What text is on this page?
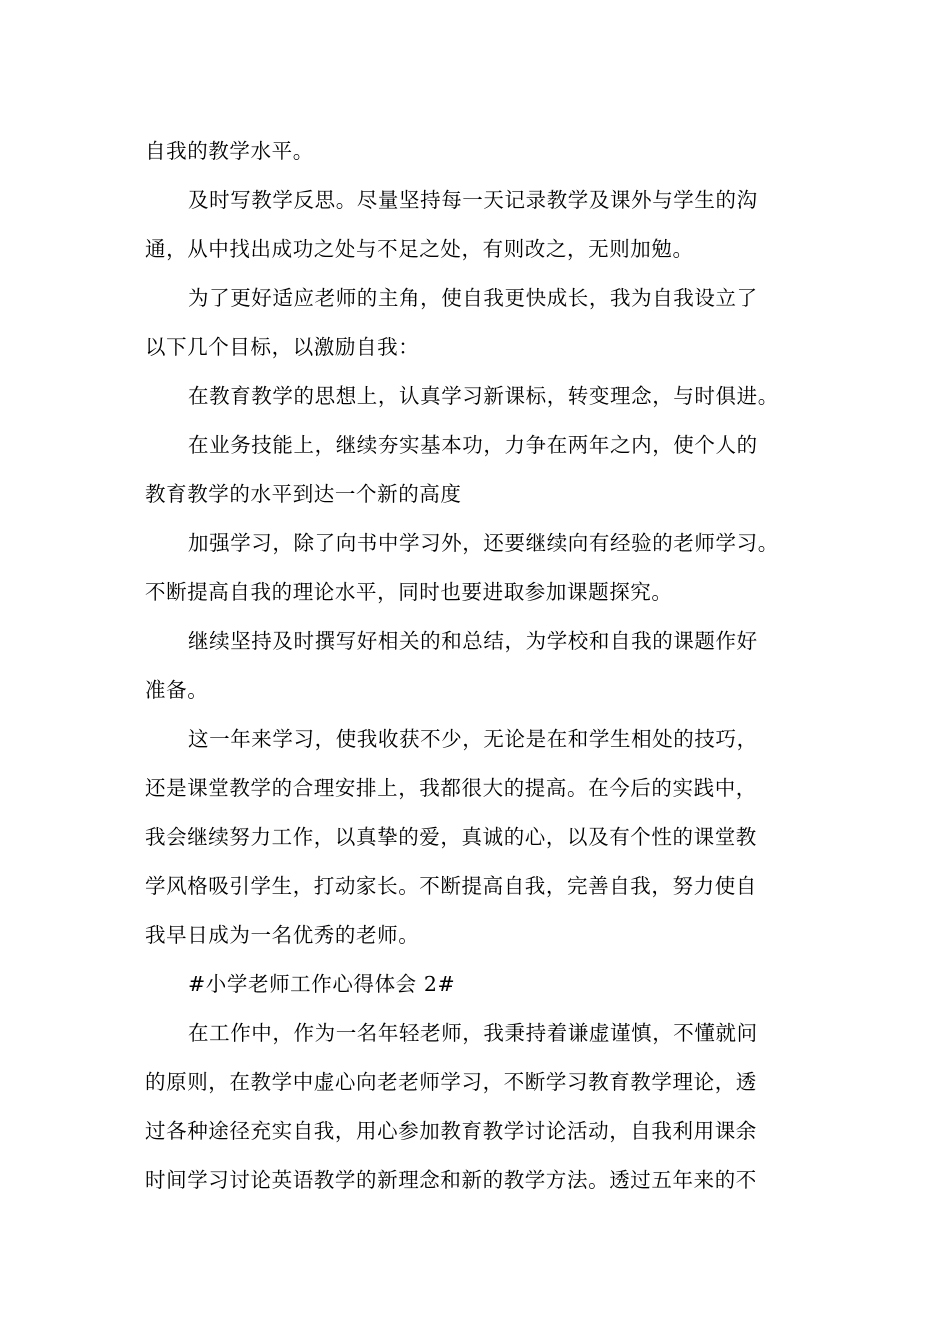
自我的教学水平。
及时写教学反思。尽量坚持每一天记录教学及课外与学生的沟
通，从中找出成功之处与不足之处，有则改之，无则加勉。
为了更好适应老师的主角，使自我更快成长，我为自我设立了
以下几个目标，以激励自我：
在教育教学的思想上，认真学习新课标，转变理念，与时俱进。
在业务技能上，继续夯实基本功，力争在两年之内，使个人的
教育教学的水平到达一个新的高度
加强学习，除了向书中学习外，还要继续向有经验的老师学习。
不断提高自我的理论水平，同时也要进取参加课题探究。
继续坚持及时撰写好相关的和总结，为学校和自我的课题作好
准备。
这一年来学习，使我收获不少，无论是在和学生相处的技巧，
还是课堂教学的合理安排上，我都很大的提高。在今后的实践中，
我会继续努力工作，以真挚的爱，真诚的心，以及有个性的课堂教
学风格吸引学生，打动家长。不断提高自我，完善自我，努力使自
我早日成为一名优秀的老师。
#小学老师工作心得体会 2#
在工作中，作为一名年轻老师，我秉持着谦虚谨慎，不懂就问
的原则，在教学中虚心向老老师学习，不断学习教育教学理论，透
过各种途径充实自我，用心参加教育教学讨论活动，自我利用课余
时间学习讨论英语教学的新理念和新的教学方法。透过五年来的不
